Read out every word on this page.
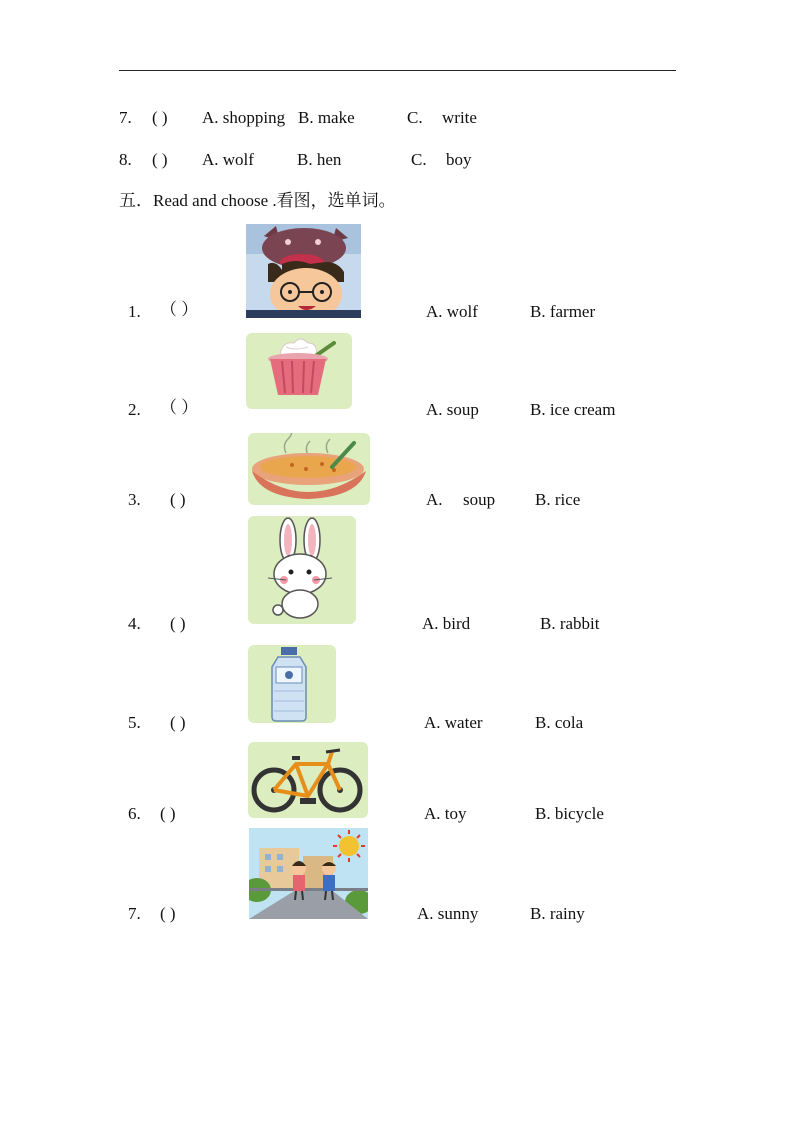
7. ( ) A. shopping B. make	C. write
8. ( ) A. wolf	B. hen	C. boy
五．Read and choose .看图，选单词。
1. （ ）	A. wolf	B. farmer
2. （ ）	A. soup	B. ice cream
3. ( )	A. soup B. rice
4. ( )	A. bird	B. rabbit
5. ( )	A. water	B. cola
6. ( )	A. toy	B. bicycle
7. ( )	A. sunny	B. rainy
